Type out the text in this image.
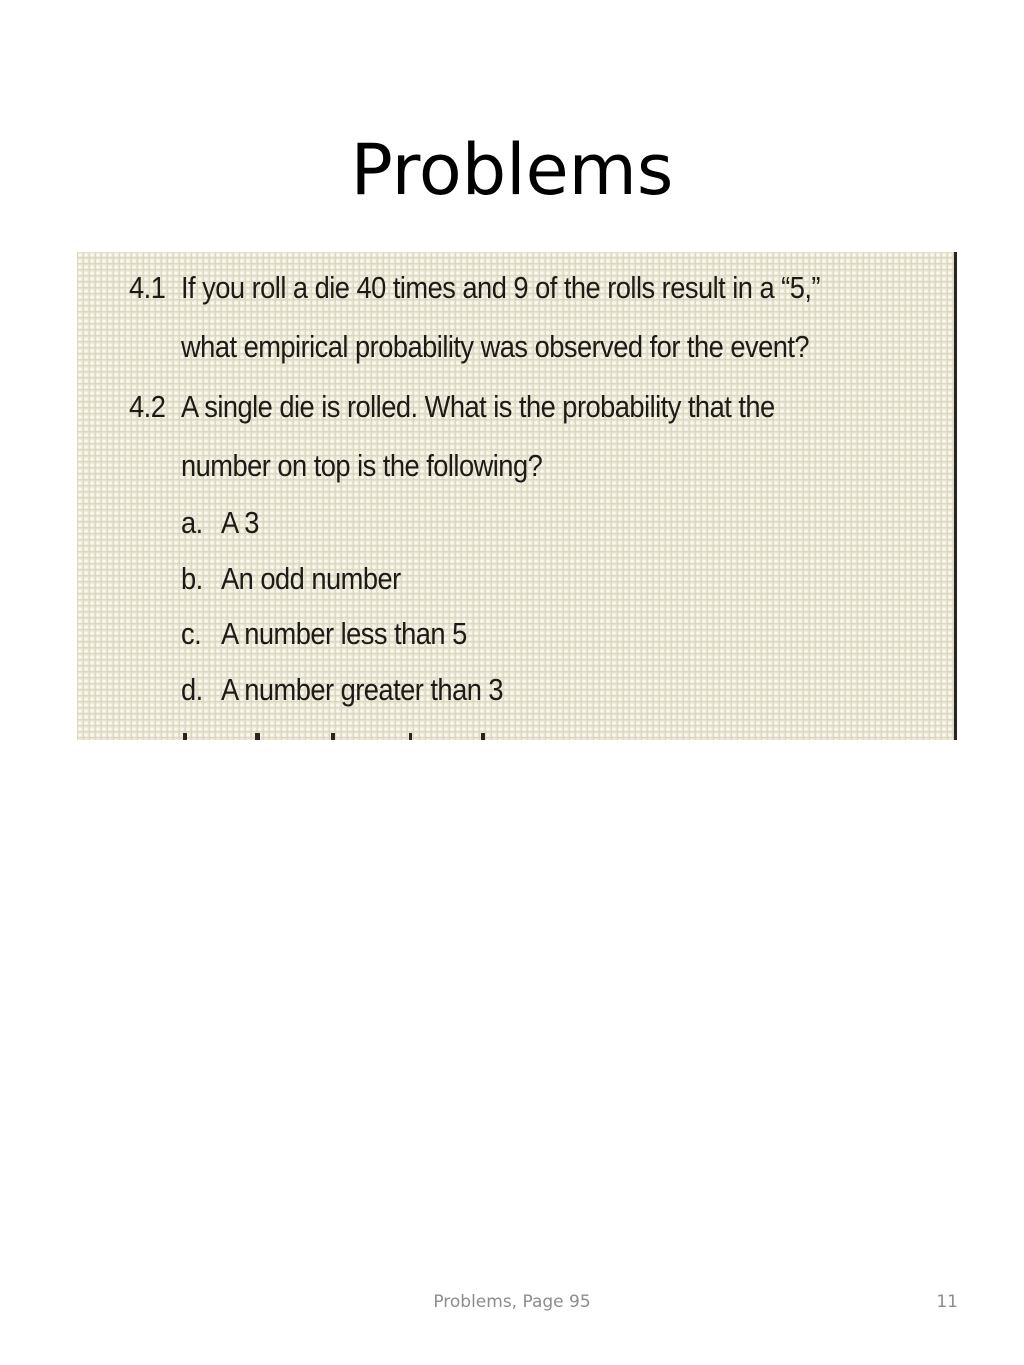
Problems
4.1 If you roll a die 40 times and 9 of the rolls result in a “5,”
what empirical probability was observed for the event?
4.2 A single die is rolled. What is the probability that the
number on top is the following?
a. A 3
b. An odd number
c. A number less than 5
d. A number greater than 3
Problems, Page 95	11
